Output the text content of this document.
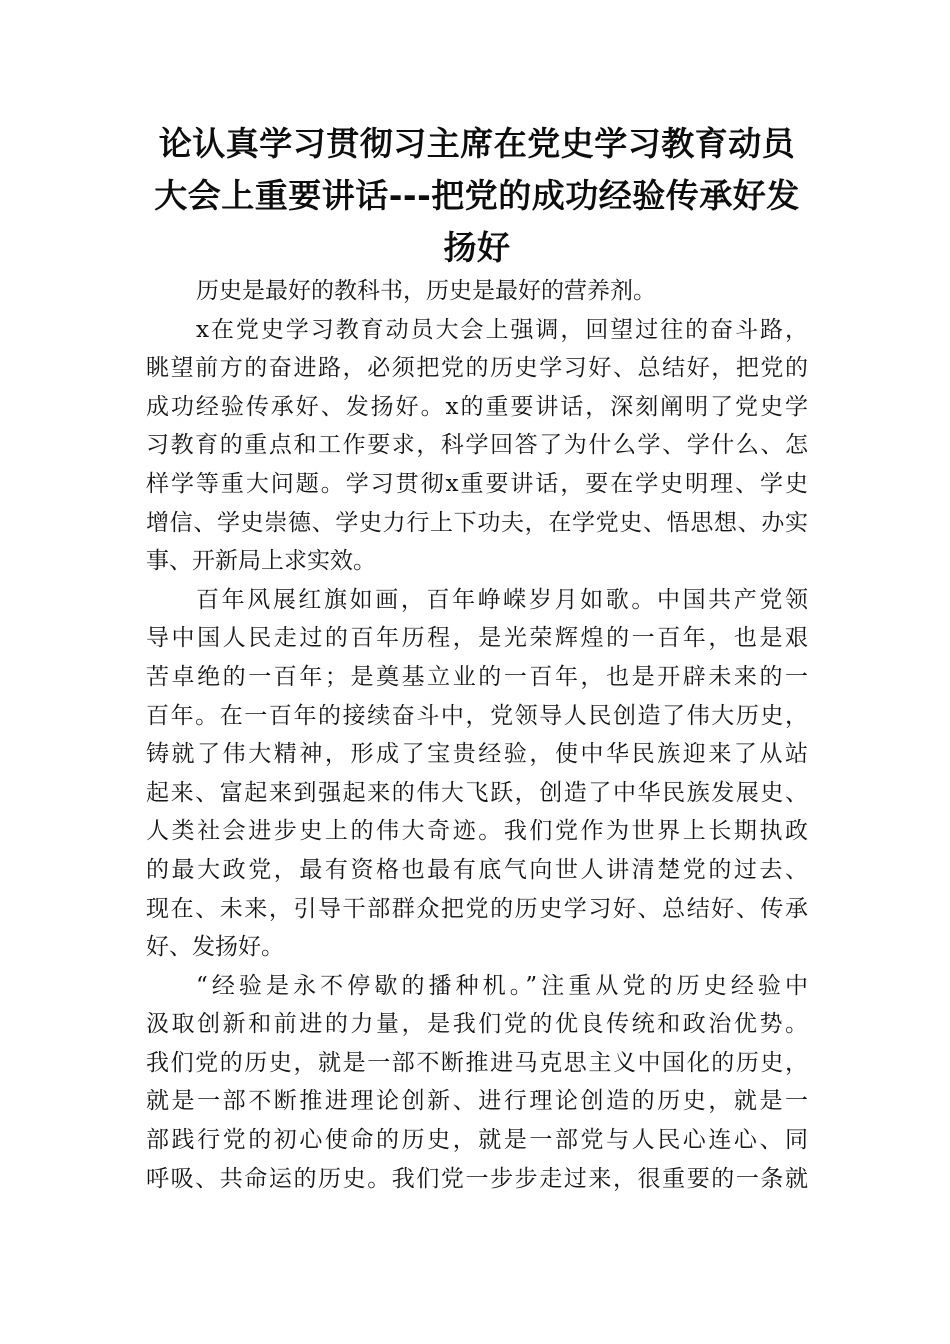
论认真学习贯彻习主席在党史学习教育动员
大会上重要讲话---把党的成功经验传承好发
扬好
历史是最好的教科书，历史是最好的营养剂。
x在党史学习教育动员大会上强调，回望过往的奋斗路，
眺望前方的奋进路，必须把党的历史学习好、总结好，把党的
成功经验传承好、发扬好。x的重要讲话，深刻阐明了党史学
习教育的重点和工作要求，科学回答了为什么学、学什么、怎
样学等重大问题。学习贯彻x重要讲话，要在学史明理、学史
增信、学史崇德、学史力行上下功夫，在学党史、悟思想、办实
事、开新局上求实效。
百年风展红旗如画，百年峥嵘岁月如歌。中国共产党领
导中国人民走过的百年历程，是光荣辉煌的一百年，也是艰
苦卓绝的一百年；是奠基立业的一百年，也是开辟未来的一
百年。在一百年的接续奋斗中，党领导人民创造了伟大历史，
铸就了伟大精神，形成了宝贵经验，使中华民族迎来了从站
起来、富起来到强起来的伟大飞跃，创造了中华民族发展史、
人类社会进步史上的伟大奇迹。我们党作为世界上长期执政
的最大政党，最有资格也最有底气向世人讲清楚党的过去、
现在、未来，引导干部群众把党的历史学习好、总结好、传承
好、发扬好。
“经验是永不停歇的播种机。”注重从党的历史经验中
汲取创新和前进的力量，是我们党的优良传统和政治优势。
我们党的历史，就是一部不断推进马克思主义中国化的历史，
就是一部不断推进理论创新、进行理论创造的历史，就是一
部践行党的初心使命的历史，就是一部党与人民心连心、同
呼吸、共命运的历史。我们党一步步走过来，很重要的一条就
